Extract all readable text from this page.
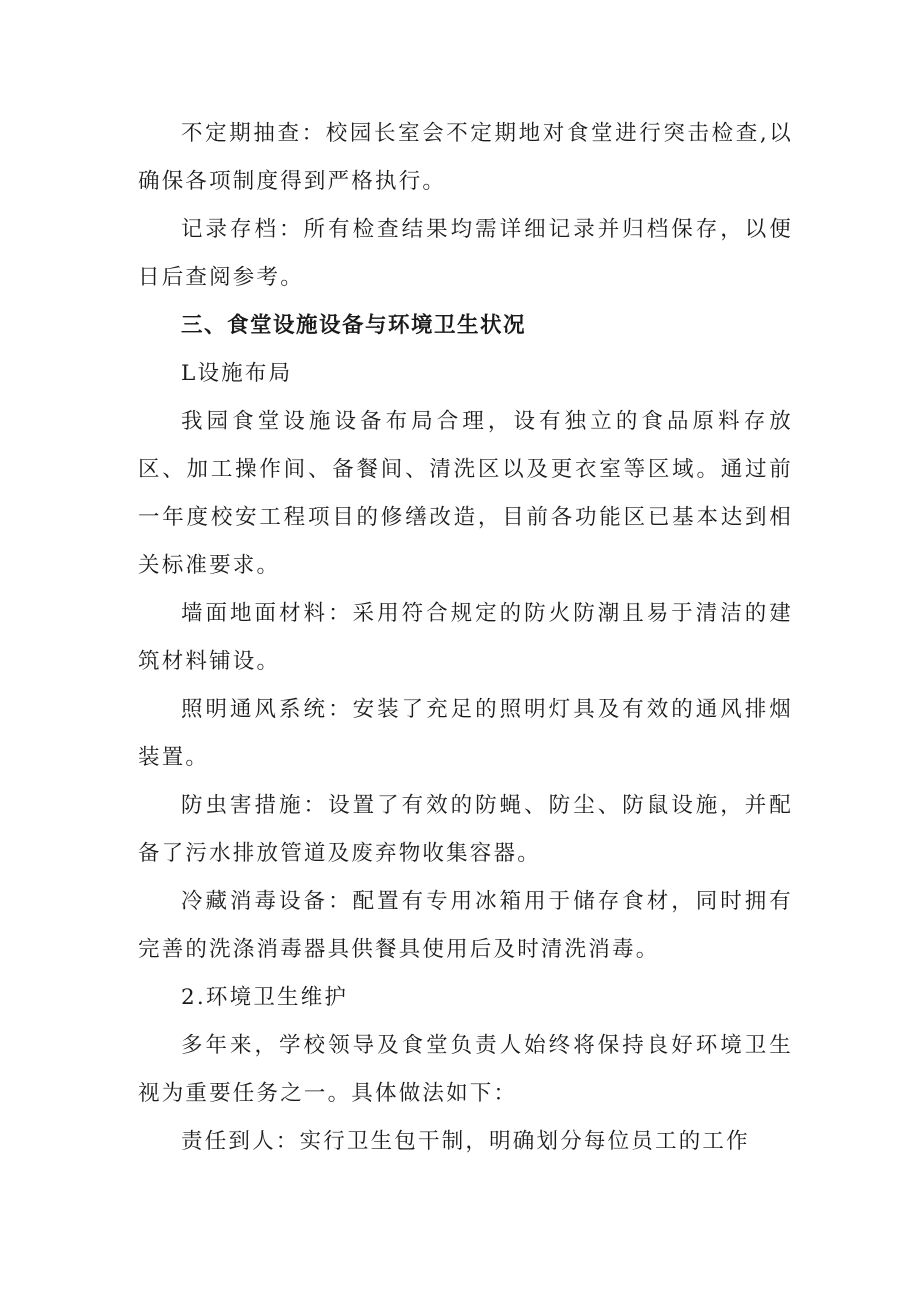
不定期抽查：校园长室会不定期地对食堂进行突击检查,以确保各项制度得到严格执行。

记录存档：所有检查结果均需详细记录并归档保存，以便日后查阅参考。

三、食堂设施设备与环境卫生状况

L设施布局

我园食堂设施设备布局合理，设有独立的食品原料存放区、加工操作间、备餐间、清洗区以及更衣室等区域。通过前一年度校安工程项目的修缮改造，目前各功能区已基本达到相关标准要求。

墙面地面材料：采用符合规定的防火防潮且易于清洁的建筑材料铺设。

照明通风系统：安装了充足的照明灯具及有效的通风排烟装置。

防虫害措施：设置了有效的防蝇、防尘、防鼠设施，并配备了污水排放管道及废弃物收集容器。

冷藏消毒设备：配置有专用冰箱用于储存食材，同时拥有完善的洗涤消毒器具供餐具使用后及时清洗消毒。

2.环境卫生维护

多年来，学校领导及食堂负责人始终将保持良好环境卫生视为重要任务之一。具体做法如下：

责任到人：实行卫生包干制，明确划分每位员工的工作
